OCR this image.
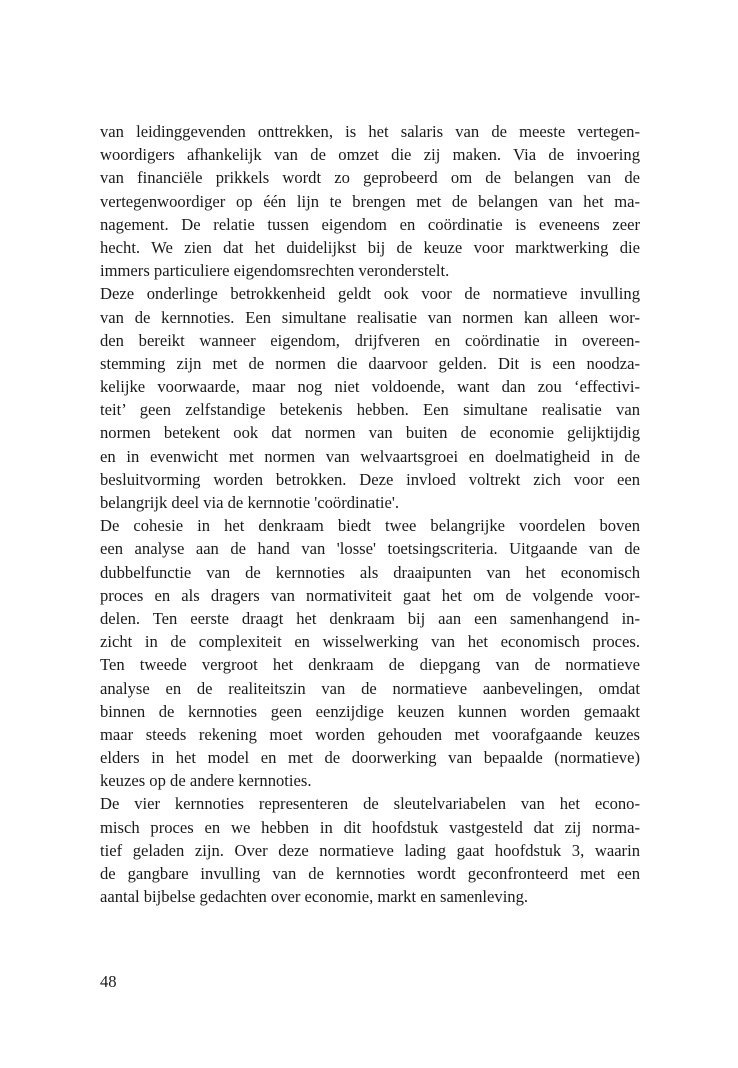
van leidinggevenden onttrekken, is het salaris van de meeste vertegen-
woordigers afhankelijk van de omzet die zij maken. Via de invoering
van financiële prikkels wordt zo geprobeerd om de belangen van de
vertegenwoordiger op één lijn te brengen met de belangen van het ma-
nagement. De relatie tussen eigendom en coördinatie is eveneens zeer
hecht. We zien dat het duidelijkst bij de keuze voor marktwerking die
immers particuliere eigendomsrechten veronderstelt.
Deze onderlinge betrokkenheid geldt ook voor de normatieve invulling
van de kernnoties. Een simultane realisatie van normen kan alleen wor-
den bereikt wanneer eigendom, drijfveren en coördinatie in overeen-
stemming zijn met de normen die daarvoor gelden. Dit is een noodza-
kelijke voorwaarde, maar nog niet voldoende, want dan zou ‘effectivi-
teit’ geen zelfstandige betekenis hebben. Een simultane realisatie van
normen betekent ook dat normen van buiten de economie gelijktijdig
en in evenwicht met normen van welvaartsgroei en doelmatigheid in de
besluitvorming worden betrokken. Deze invloed voltrekt zich voor een
belangrijk deel via de kernnotie 'coördinatie'.
De cohesie in het denkraam biedt twee belangrijke voordelen boven
een analyse aan de hand van 'losse' toetsingscriteria. Uitgaande van de
dubbelfunctie van de kernnoties als draaipunten van het economisch
proces en als dragers van normativiteit gaat het om de volgende voor-
delen. Ten eerste draagt het denkraam bij aan een samenhangend in-
zicht in de complexiteit en wisselwerking van het economisch proces.
Ten tweede vergroot het denkraam de diepgang van de normatieve
analyse en de realiteitszin van de normatieve aanbevelingen, omdat
binnen de kernnoties geen eenzijdige keuzen kunnen worden gemaakt
maar steeds rekening moet worden gehouden met voorafgaande keuzes
elders in het model en met de doorwerking van bepaalde (normatieve)
keuzes op de andere kernnoties.
De vier kernnoties representeren de sleutelvariabelen van het econo-
misch proces en we hebben in dit hoofdstuk vastgesteld dat zij norma-
tief geladen zijn. Over deze normatieve lading gaat hoofdstuk 3, waarin
de gangbare invulling van de kernnoties wordt geconfronteerd met een
aantal bijbelse gedachten over economie, markt en samenleving.
48
